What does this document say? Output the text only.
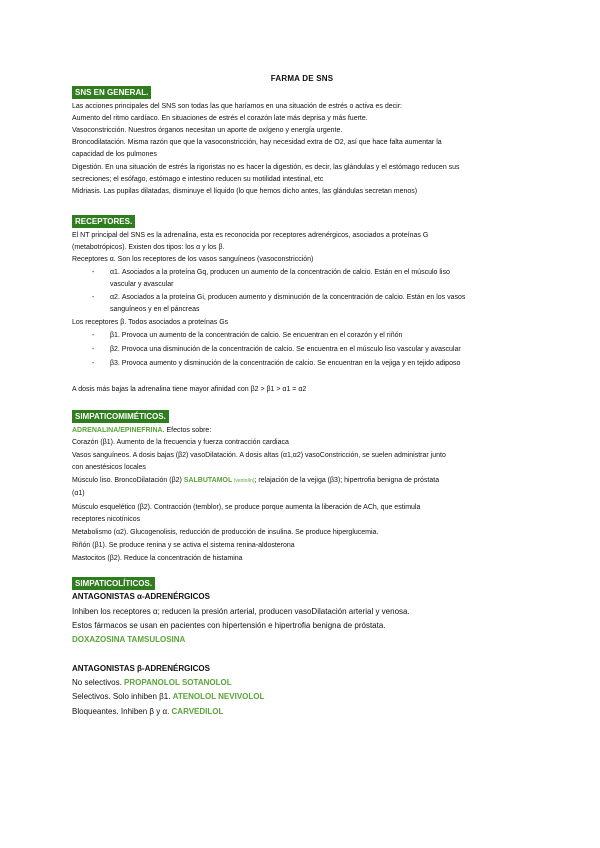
FARMA DE SNS
SNS EN GENERAL.
Las acciones principales del SNS son todas las que haríamos en una situación de estrés o activa es decir:
Aumento del ritmo cardíaco. En situaciones de estrés el corazón late más deprisa y más fuerte.
Vasoconstricción. Nuestros órganos necesitan un aporte de oxígeno y energía urgente.
Broncodilatación. Misma razón que que la vasoconstricción, hay necesidad extra de O2, así que hace falta aumentar la
capacidad de los pulmones
Digestión. En una situación de estrés la rigoristas no es hacer la digestión, es decir, las glándulas y el estómago reducen sus
secreciones; el esófago, estómago e intestino reducen su motilidad intestinal, etc
Midriasis. Las pupilas dilatadas, disminuye el líquido (lo que hemos dicho antes, las glándulas secretan menos)
RECEPTORES.
El NT principal del SNS es la adrenalina, esta es reconocida por receptores adrenérgicos, asociados a proteínas G
(metabotrópicos). Existen dos tipos: los α y los β.
Receptores α. Son los receptores de los vasos sanguíneos (vasoconstricción)
- α1. Asociados a la proteína Gq, producen un aumento de la concentración de calcio. Están en el músculo liso
vascular y avascular
- α2. Asociados a la proteína Gi, producen aumento y disminución de la concentración de calcio. Están en los vasos
sanguíneos y en el páncreas
Los receptores β. Todos asociados a proteínas Gs
- β1. Provoca un aumento de la concentración de calcio. Se encuentran en el corazón y el riñón
- β2. Provoca una disminución de la concentración de calcio. Se encuentra en el músculo liso vascular y avascular
- β3. Provoca aumento y disminución de la concentración de calcio. Se encuentran en la vejiga y en tejido adiposo
A dosis más bajas la adrenalina tiene mayor afinidad con β2 > β1 > α1 = α2
SIMPATICOMIMÉTICOS.
ADRENALINA/EPINEFRINA. Efectos sobre:
Corazón (β1). Aumento de la frecuencia y fuerza contracción cardiaca
Vasos sanguíneos. A dosis bajas (β2) vasoDilatación. A dosis altas (α1,α2) vasoConstricción, se suelen administrar junto
con anestésicos locales
Músculo liso. BroncoDilatación (β2) SALBUTAMOL (ventolín); relajación de la vejiga (β3); hipertrofia benigna de próstata
(α1)
Músculo esquelético (β2). Contracción (temblor), se produce porque aumenta la liberación de ACh, que estimula
receptores nicotínicos
Metabolismo (α2). Glucogenolisis, reducción de producción de insulina. Se produce hiperglucemia.
Riñón (β1). Se produce renina y se activa el sistema renina-aldosterona
Mastocitos (β2). Reduce la concentración de histamina
SIMPATICOLÍTICOS.
ANTAGONISTAS α-ADRENÉRGICOS
Inhiben los receptores α; reducen la presión arterial, producen vasoDilatación arterial y venosa.
Estos fármacos se usan en pacientes con hipertensión e hipertrofia benigna de próstata.
DOXAZOSINA TAMSULOSINA
ANTAGONISTAS β-ADRENÉRGICOS
No selectivos. PROPANOLOL SOTANOLOL
Selectivos. Solo inhiben β1. ATENOLOL NEVIVOLOL
Bloqueantes. Inhiben β y α. CARVEDILOL
